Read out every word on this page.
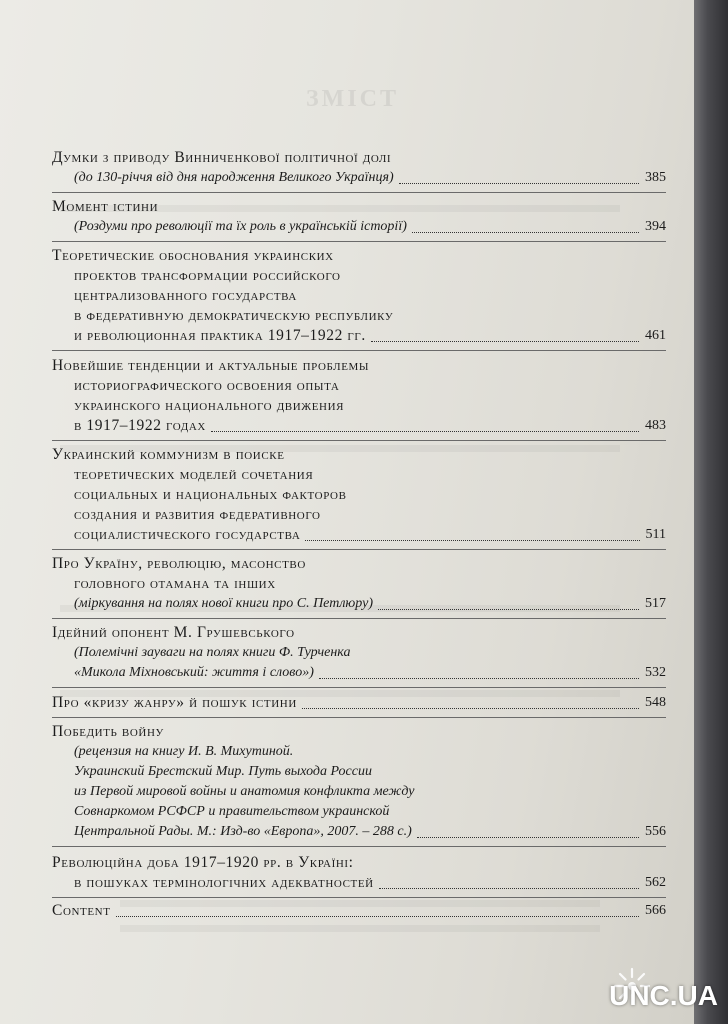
ЗМІСТ
Думки з приводу Винниченкової політичної долі
(до 130-річчя від дня народження Великого Українця)	385
Момент істини
(Роздуми про революції та їх роль в українській історії)	394
Теоретические обоснования украинских
проектов трансформации российского
централизованного государства
в федеративную демократическую республику
и революционная практика 1917–1922 гг.	461
Новейшие тенденции и актуальные проблемы
историографического освоения опыта
украинского национального движения
в 1917–1922 годах	483
Украинский коммунизм в поиске
теоретических моделей сочетания
социальных и национальных факторов
создания и развития федеративного
социалистического государства	511
Про Україну, революцію, масонство
головного отамана та інших
(міркування на полях нової книги про С. Петлюру)	517
Ідейний опонент М. Грушевського
(Полемічні зауваги на полях книги Ф. Турченка
«Микола Міхновський: життя і слово»)	532
Про «кризу жанру» й пошук істини	548
Победить войну
(рецензия на книгу И. В. Михутиной.
Украинский Брестский Мир. Путь выхода России
из Первой мировой войны и анатомия конфликта между
Совнаркомом РСФСР и правительством украинской
Центральной Рады. М.: Изд-во «Европа», 2007. – 288 с.)	556
Революційна доба 1917–1920 рр. в Україні:
в пошуках термінологічних адекватностей	562
Content	566
UNC.UA
